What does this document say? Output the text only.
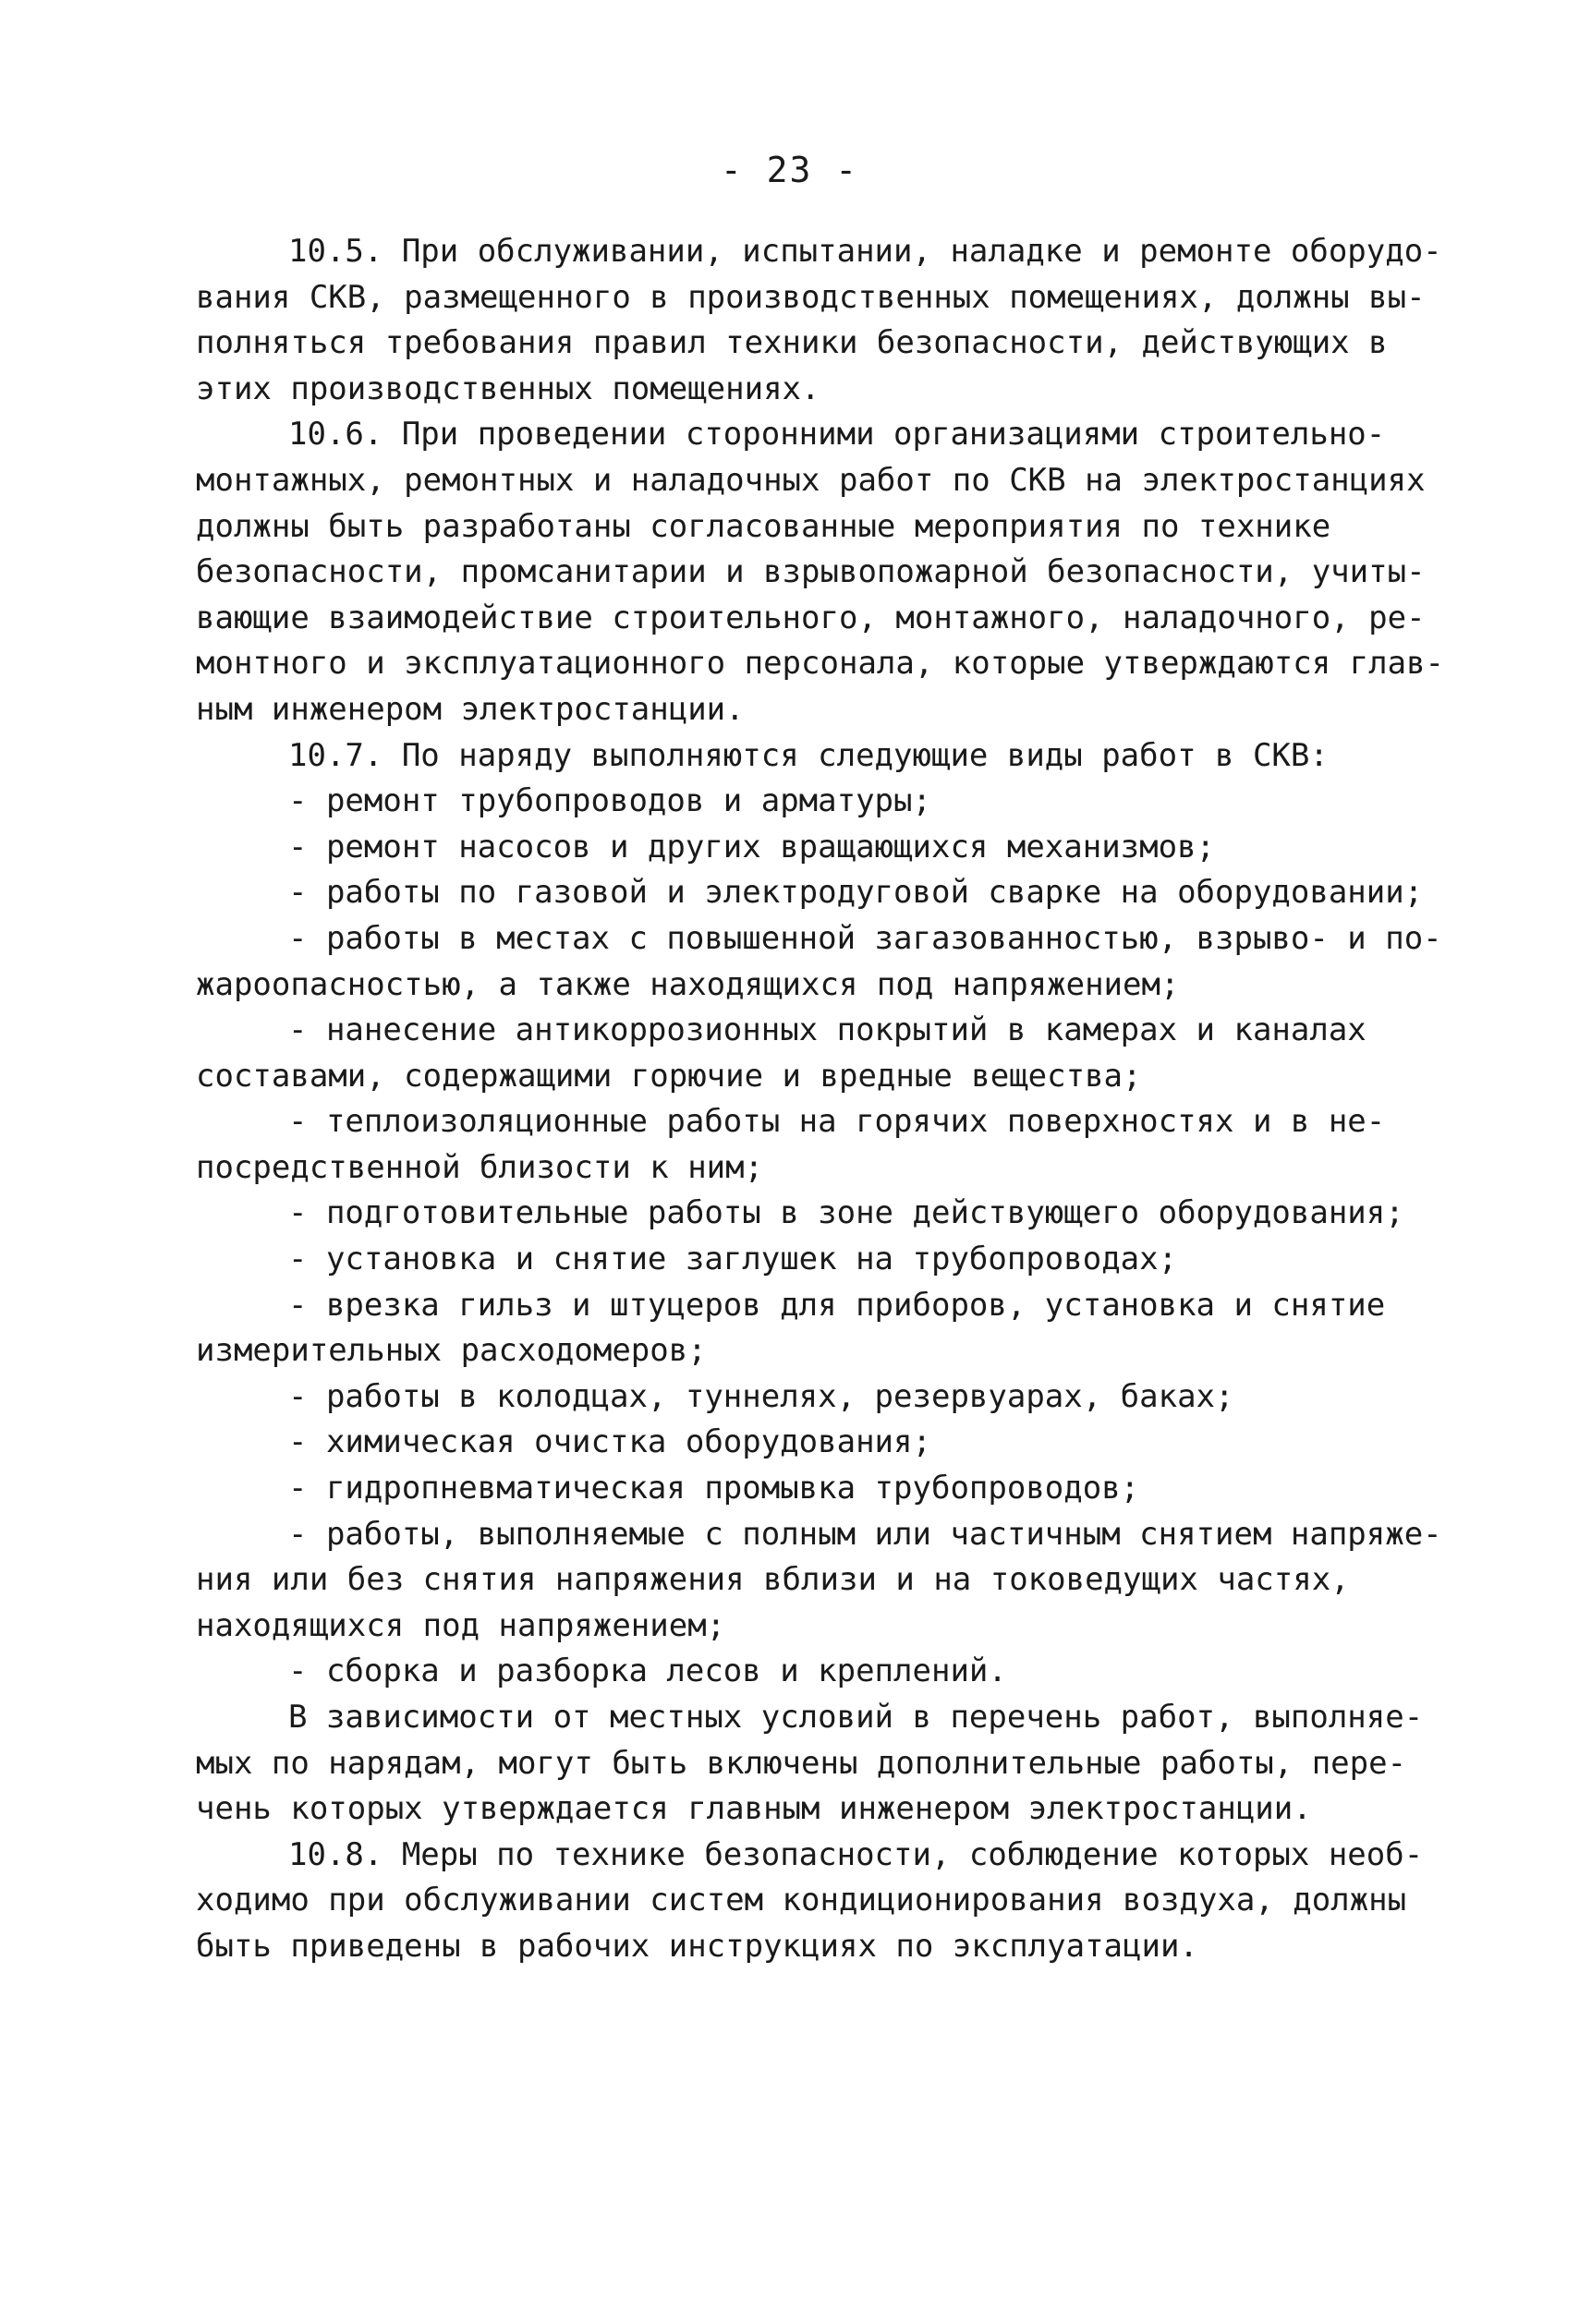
- 23 -
10.5. При обслуживании, испытании, наладке и ремонте оборудо-
вания СКВ, размещенного в производственных помещениях, должны вы-
полняться требования правил техники безопасности, действующих в
этих производственных помещениях.
10.6. При проведении сторонними организациями строительно-
монтажных, ремонтных и наладочных работ по СКВ на электростанциях
должны быть разработаны согласованные мероприятия по технике
безопасности, промсанитарии и взрывопожарной безопасности, учиты-
вающие взаимодействие строительного, монтажного, наладочного, ре-
монтного и эксплуатационного персонала, которые утверждаются глав-
ным инженером электростанции.
10.7. По наряду выполняются следующие виды работ в СКВ:
- ремонт трубопроводов и арматуры;
- ремонт насосов и других вращающихся механизмов;
- работы по газовой и электродуговой сварке на оборудовании;
- работы в местах с повышенной загазованностью, взрыво- и по-
жароопасностью, а также находящихся под напряжением;
- нанесение антикоррозионных покрытий в камерах и каналах
составами, содержащими горючие и вредные вещества;
- теплоизоляционные работы на горячих поверхностях и в не-
посредственной близости к ним;
- подготовительные работы в зоне действующего оборудования;
- установка и снятие заглушек на трубопроводах;
- врезка гильз и штуцеров для приборов, установка и снятие
измерительных расходомеров;
- работы в колодцах, туннелях, резервуарах, баках;
- химическая очистка оборудования;
- гидропневматическая промывка трубопроводов;
- работы, выполняемые с полным или частичным снятием напряже-
ния или без снятия напряжения вблизи и на токоведущих частях,
находящихся под напряжением;
- сборка и разборка лесов и креплений.
В зависимости от местных условий в перечень работ, выполняе-
мых по нарядам, могут быть включены дополнительные работы, пере-
чень которых утверждается главным инженером электростанции.
10.8. Меры по технике безопасности, соблюдение которых необ-
ходимо при обслуживании систем кондиционирования воздуха, должны
быть приведены в рабочих инструкциях по эксплуатации.
